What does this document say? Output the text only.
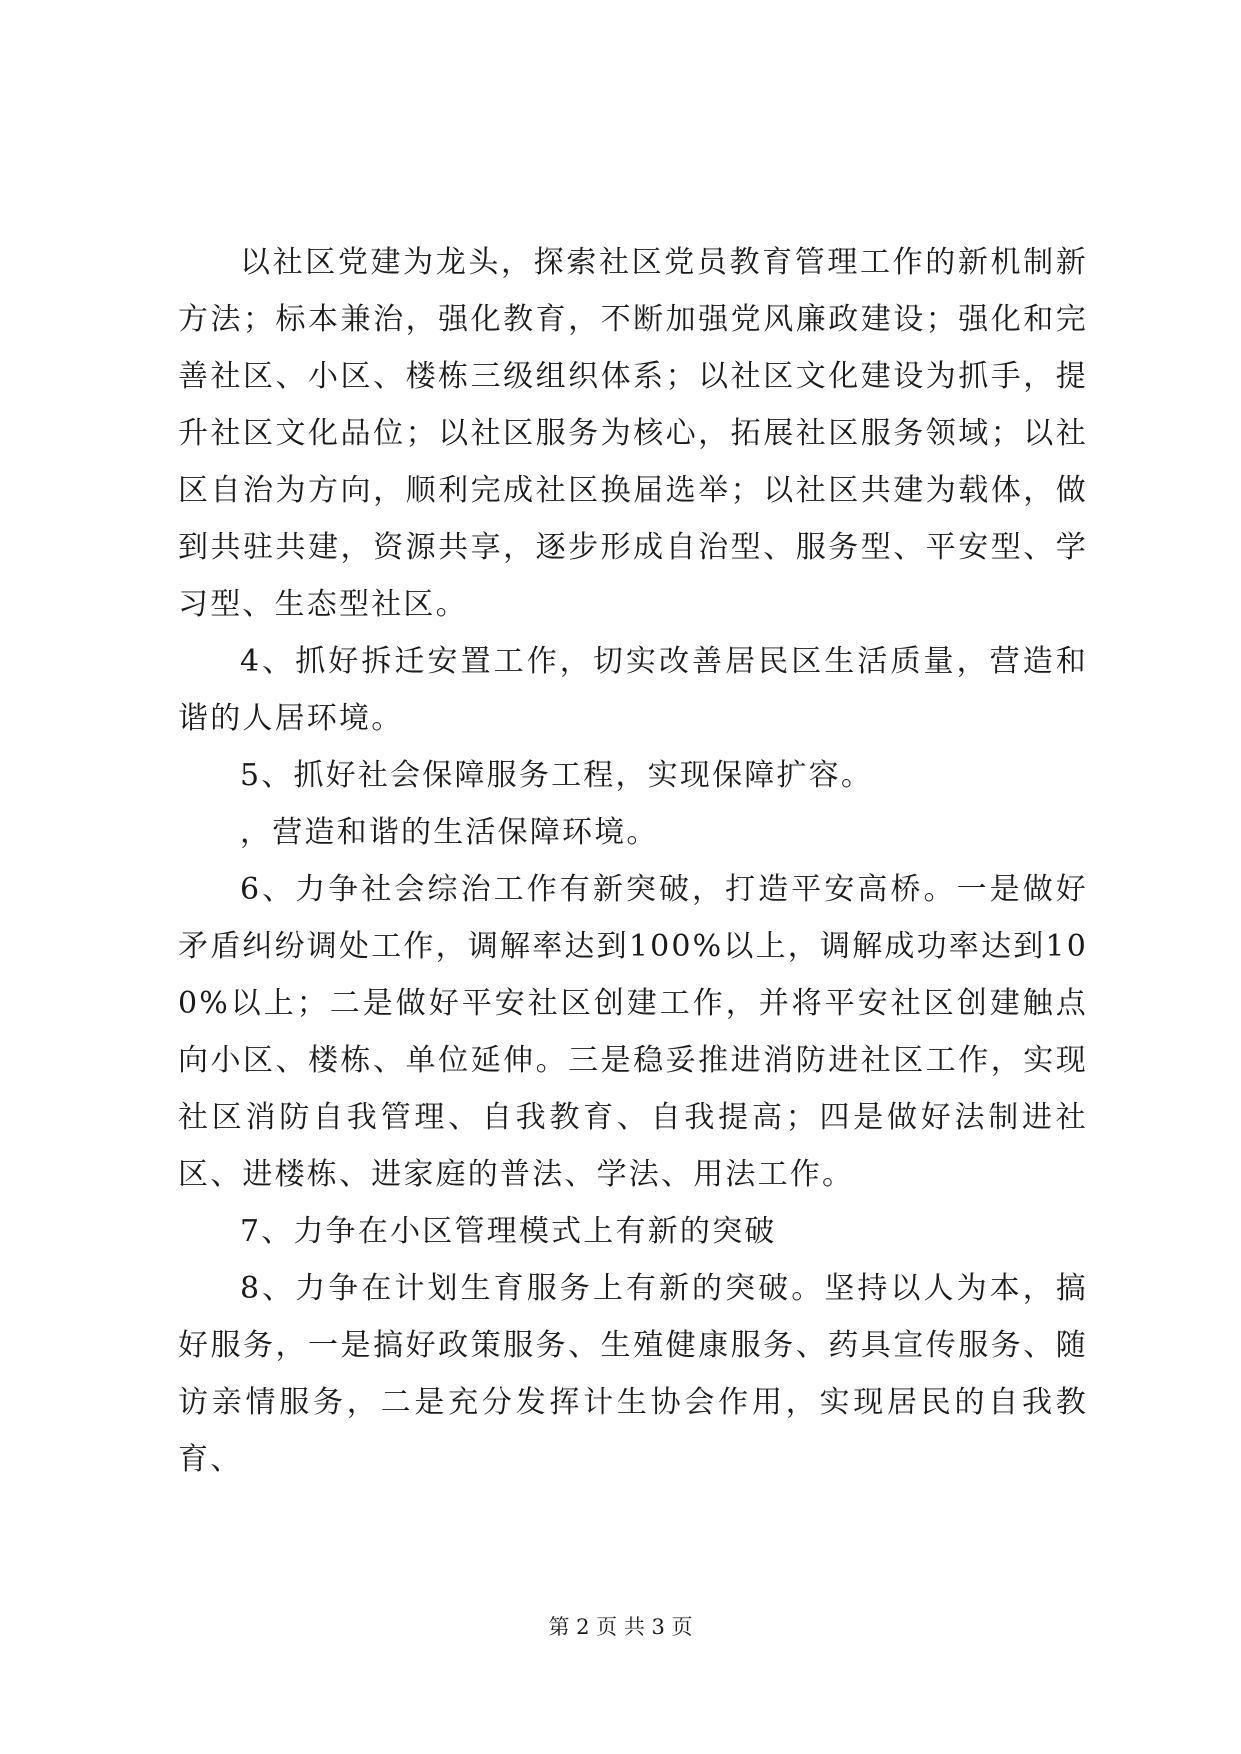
以社区党建为龙头，探索社区党员教育管理工作的新机制新方法；标本兼治，强化教育，不断加强党风廉政建设；强化和完善社区、小区、楼栋三级组织体系；以社区文化建设为抓手，提升社区文化品位；以社区服务为核心，拓展社区服务领域；以社区自治为方向，顺利完成社区换届选举；以社区共建为载体，做到共驻共建，资源共享，逐步形成自治型、服务型、平安型、学习型、生态型社区。

4、抓好拆迁安置工作，切实改善居民区生活质量，营造和谐的人居环境。

5、抓好社会保障服务工程，实现保障扩容。

，营造和谐的生活保障环境。

6、力争社会综治工作有新突破，打造平安高桥。一是做好矛盾纠纷调处工作，调解率达到100%以上，调解成功率达到100%以上；二是做好平安社区创建工作，并将平安社区创建触点向小区、楼栋、单位延伸。三是稳妥推进消防进社区工作，实现社区消防自我管理、自我教育、自我提高；四是做好法制进社区、进楼栋、进家庭的普法、学法、用法工作。

7、力争在小区管理模式上有新的突破

8、力争在计划生育服务上有新的突破。坚持以人为本，搞好服务，一是搞好政策服务、生殖健康服务、药具宣传服务、随访亲情服务，二是充分发挥计生协会作用，实现居民的自我教育、

第 2 页 共 3 页
